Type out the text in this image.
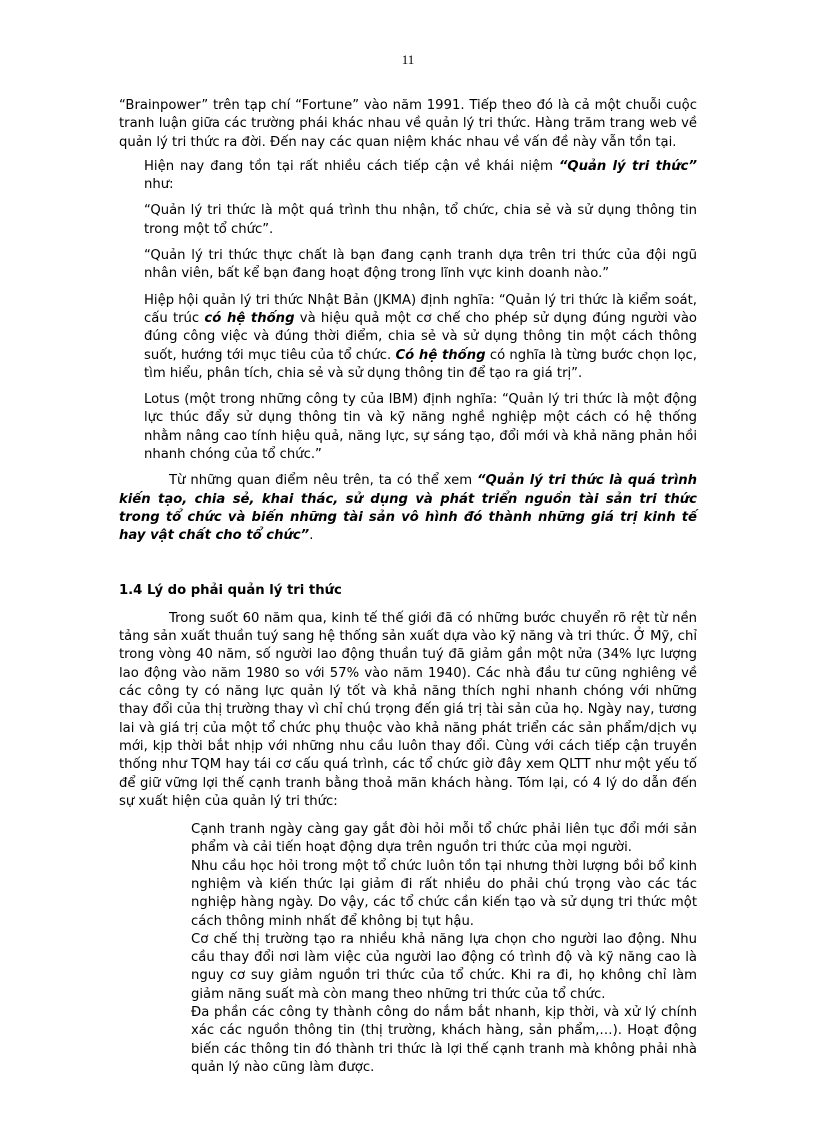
11

“Brainpower” trên tạp chí “Fortune” vào năm 1991. Tiếp theo đó là cả một chuỗi cuộc tranh luận giữa các trường phái khác nhau về quản lý tri thức. Hàng trăm trang web về quản lý tri thức ra đời. Đến nay các quan niệm khác nhau về vấn đề này vẫn tồn tại.

Hiện nay đang tồn tại rất nhiều cách tiếp cận về khái niệm “Quản lý tri thức” như:

“Quản lý tri thức là một quá trình thu nhận, tổ chức, chia sẻ và sử dụng thông tin trong một tổ chức”.

“Quản lý tri thức thực chất là bạn đang cạnh tranh dựa trên tri thức của đội ngũ nhân viên, bất kể bạn đang hoạt động trong lĩnh vực kinh doanh nào.”

Hiệp hội quản lý tri thức Nhật Bản (JKMA) định nghĩa: “Quản lý tri thức là kiểm soát, cấu trúc có hệ thống và hiệu quả một cơ chế cho phép sử dụng đúng người vào đúng công việc và đúng thời điểm, chia sẻ và sử dụng thông tin một cách thông suốt, hướng tới mục tiêu của tổ chức. Có hệ thống có nghĩa là từng bước chọn lọc, tìm hiểu, phân tích, chia sẻ và sử dụng thông tin để tạo ra giá trị”.

Lotus (một trong những công ty của IBM) định nghĩa: “Quản lý tri thức là một động lực thúc đẩy sử dụng thông tin và kỹ năng nghề nghiệp một cách có hệ thống nhằm nâng cao tính hiệu quả, năng lực, sự sáng tạo, đổi mới và khả năng phản hồi nhanh chóng của tổ chức.”

Từ những quan điểm nêu trên, ta có thể xem “Quản lý tri thức là quá trình kiến tạo, chia sẻ, khai thác, sử dụng và phát triển nguồn tài sản tri thức trong tổ chức và biến những tài sản vô hình đó thành những giá trị kinh tế hay vật chất cho tổ chức”.

1.4 Lý do phải quản lý tri thức

Trong suốt 60 năm qua, kinh tế thế giới đã có những bước chuyển rõ rệt từ nền tảng sản xuất thuần tuý sang hệ thống sản xuất dựa vào kỹ năng và tri thức. Ở Mỹ, chỉ trong vòng 40 năm, số người lao động thuần tuý đã giảm gần một nửa (34% lực lượng lao động vào năm 1980 so với 57% vào năm 1940). Các nhà đầu tư cũng nghiêng về các công ty có năng lực quản lý tốt và khả năng thích nghi nhanh chóng với những thay đổi của thị trường thay vì chỉ chú trọng đến giá trị tài sản của họ. Ngày nay, tương lai và giá trị của một tổ chức phụ thuộc vào khả năng phát triển các sản phẩm/dịch vụ mới, kịp thời bắt nhịp với những nhu cầu luôn thay đổi. Cùng với cách tiếp cận truyền thống như TQM hay tái cơ cấu quá trình, các tổ chức giờ đây xem QLTT như một yếu tố để giữ vững lợi thế cạnh tranh bằng thoả mãn khách hàng. Tóm lại, có 4 lý do dẫn đến sự xuất hiện của quản lý tri thức:

Cạnh tranh ngày càng gay gắt đòi hỏi mỗi tổ chức phải liên tục đổi mới sản phẩm và cải tiến hoạt động dựa trên nguồn tri thức của mọi người.
Nhu cầu học hỏi trong một tổ chức luôn tồn tại nhưng thời lượng bồi bổ kinh nghiệm và kiến thức lại giảm đi rất nhiều do phải chú trọng vào các tác nghiệp hàng ngày. Do vậy, các tổ chức cần kiến tạo và sử dụng tri thức một cách thông minh nhất để không bị tụt hậu.
Cơ chế thị trường tạo ra nhiều khả năng lựa chọn cho người lao động. Nhu cầu thay đổi nơi làm việc của người lao động có trình độ và kỹ năng cao là nguy cơ suy giảm nguồn tri thức của tổ chức. Khi ra đi, họ không chỉ làm giảm năng suất mà còn mang theo những tri thức của tổ chức.
Đa phần các công ty thành công do nắm bắt nhanh, kịp thời, và xử lý chính xác các nguồn thông tin (thị trường, khách hàng, sản phẩm,…). Hoạt động biến các thông tin đó thành tri thức là lợi thế cạnh tranh mà không phải nhà quản lý nào cũng làm được.
